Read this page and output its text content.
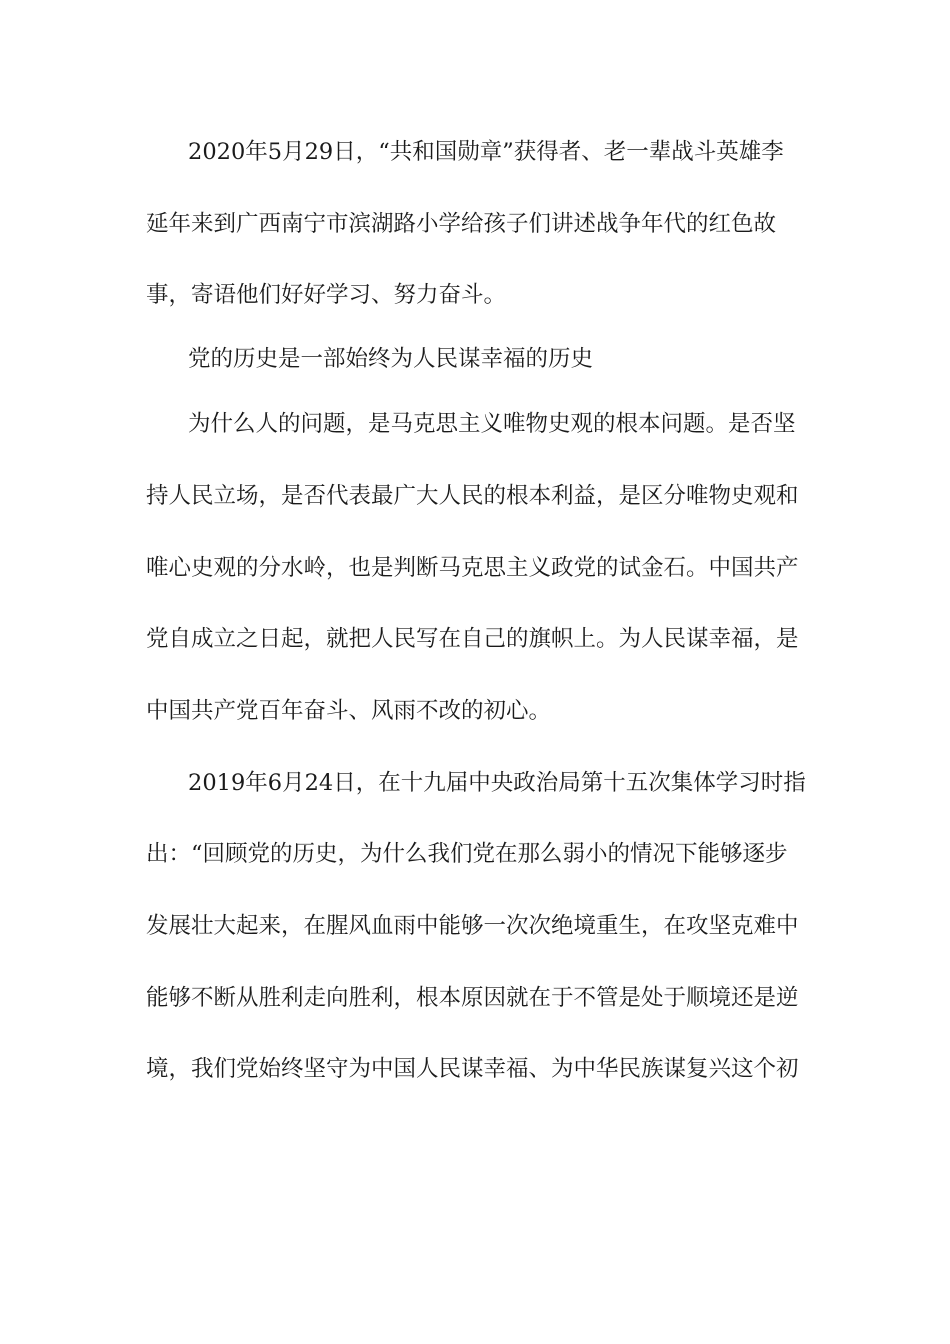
2020年5月29日，“共和国勋章”获得者、老一辈战斗英雄李
延年来到广西南宁市滨湖路小学给孩子们讲述战争年代的红色故
事，寄语他们好好学习、努力奋斗。
党的历史是一部始终为人民谋幸福的历史
为什么人的问题，是马克思主义唯物史观的根本问题。是否坚
持人民立场，是否代表最广大人民的根本利益，是区分唯物史观和
唯心史观的分水岭，也是判断马克思主义政党的试金石。中国共产
党自成立之日起，就把人民写在自己的旗帜上。为人民谋幸福，是
中国共产党百年奋斗、风雨不改的初心。
2019年6月24日，在十九届中央政治局第十五次集体学习时指
出：“回顾党的历史，为什么我们党在那么弱小的情况下能够逐步
发展壮大起来，在腥风血雨中能够一次次绝境重生，在攻坚克难中
能够不断从胜利走向胜利，根本原因就在于不管是处于顺境还是逆
境，我们党始终坚守为中国人民谋幸福、为中华民族谋复兴这个初
